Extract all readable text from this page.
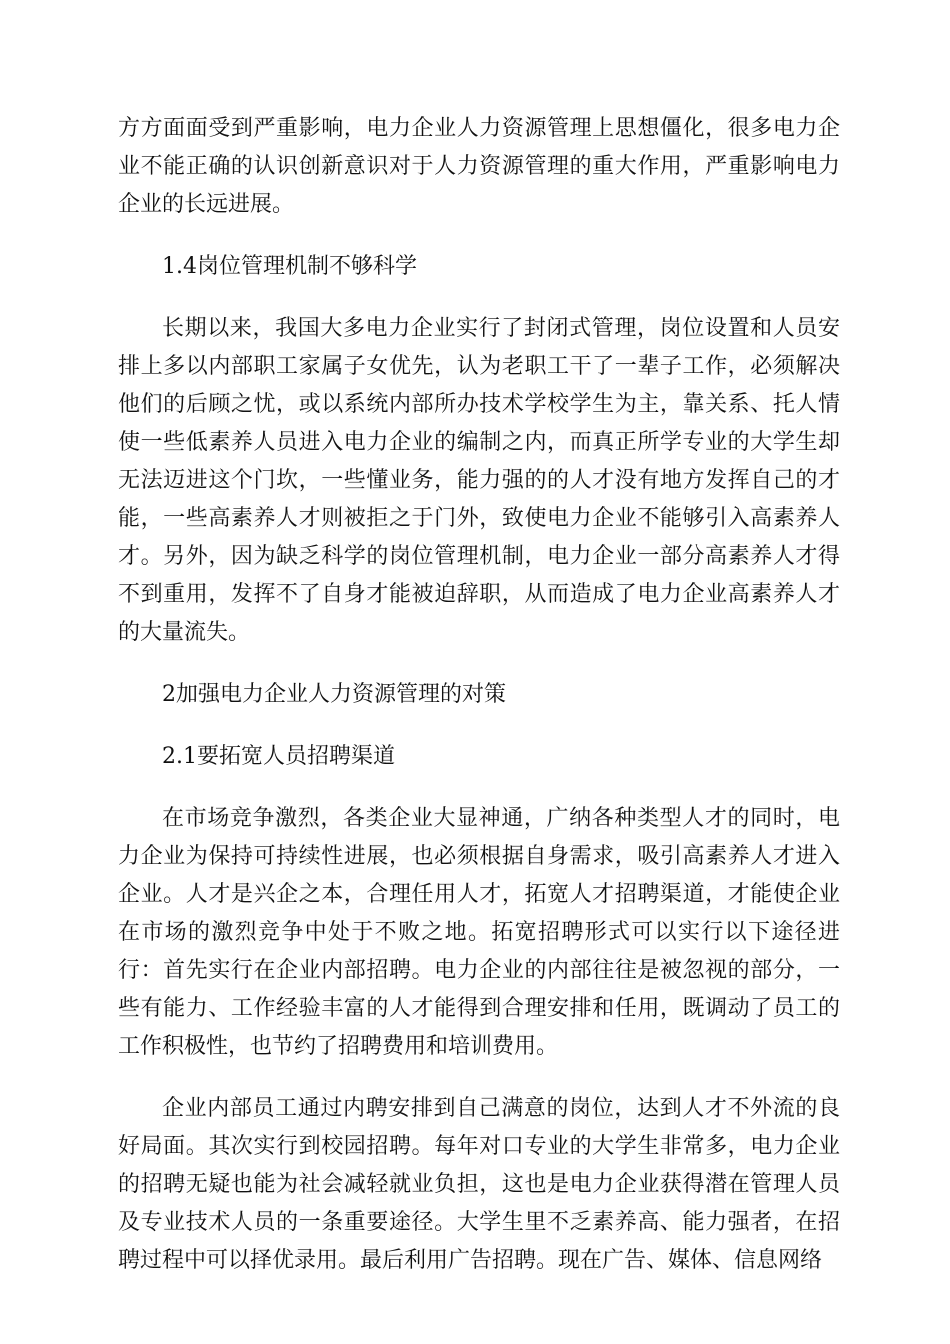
方方面面受到严重影响，电力企业人力资源管理上思想僵化，很多电力企业不能正确的认识创新意识对于人力资源管理的重大作用，严重影响电力企业的长远进展。

1.4岗位管理机制不够科学

长期以来，我国大多电力企业实行了封闭式管理，岗位设置和人员安排上多以内部职工家属子女优先，认为老职工干了一辈子工作，必须解决他们的后顾之忧，或以系统内部所办技术学校学生为主，靠关系、托人情使一些低素养人员进入电力企业的编制之内，而真正所学专业的大学生却无法迈进这个门坎，一些懂业务，能力强的的人才没有地方发挥自己的才能，一些高素养人才则被拒之于门外，致使电力企业不能够引入高素养人才。另外，因为缺乏科学的岗位管理机制，电力企业一部分高素养人才得不到重用，发挥不了自身才能被迫辞职，从而造成了电力企业高素养人才的大量流失。

2加强电力企业人力资源管理的对策

2.1要拓宽人员招聘渠道

在市场竞争激烈，各类企业大显神通，广纳各种类型人才的同时，电力企业为保持可持续性进展，也必须根据自身需求，吸引高素养人才进入企业。人才是兴企之本，合理任用人才，拓宽人才招聘渠道，才能使企业在市场的激烈竞争中处于不败之地。拓宽招聘形式可以实行以下途径进行：首先实行在企业内部招聘。电力企业的内部往往是被忽视的部分，一些有能力、工作经验丰富的人才能得到合理安排和任用，既调动了员工的工作积极性，也节约了招聘费用和培训费用。

企业内部员工通过内聘安排到自己满意的岗位，达到人才不外流的良好局面。其次实行到校园招聘。每年对口专业的大学生非常多，电力企业的招聘无疑也能为社会减轻就业负担，这也是电力企业获得潜在管理人员及专业技术人员的一条重要途径。大学生里不乏素养高、能力强者，在招聘过程中可以择优录用。最后利用广告招聘。现在广告、媒体、信息网络
